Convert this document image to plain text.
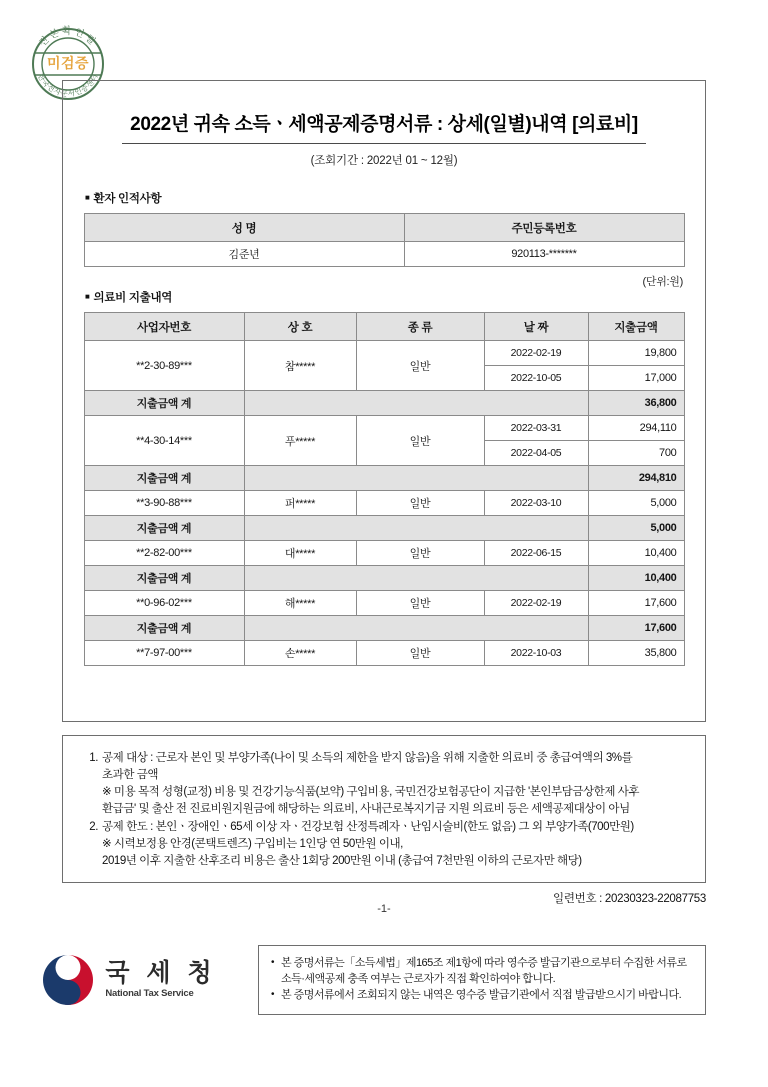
진본확인필
한국전자문서인증센터
미검증
2022년 귀속 소득ㆍ세액공제증명서류 : 상세(일별)내역 [의료비]
(조회기간 : 2022년 01 ~ 12월)
■ 환자 인적사항
성 명	주민등록번호
김준년	920113-*******
■ 의료비 지출내역
(단위:원)
사업자번호	상 호	종 류	날 짜	지출금액
**2-30-89***	참*****	일반	2022-02-19	19,800
			2022-10-05	17,000
지출금액 계				36,800
**4-30-14***	푸*****	일반	2022-03-31	294,110
			2022-04-05	700
지출금액 계				294,810
**3-90-88***	퍼*****	일반	2022-03-10	5,000
지출금액 계				5,000
**2-82-00***	대*****	일반	2022-06-15	10,400
지출금액 계				10,400
**0-96-02***	해*****	일반	2022-02-19	17,600
지출금액 계				17,600
**7-97-00***	손*****	일반	2022-10-03	35,800
1. 공제 대상 : 근로자 본인 및 부양가족(나이 및 소득의 제한을 받지 않음)을 위해 지출한 의료비 중 총급여액의 3%를
초과한 금액
※ 미용 목적 성형(교정) 비용 및 건강기능식품(보약) 구입비용, 국민건강보험공단이 지급한 '본인부담금상한제 사후
환급금' 및 출산 전 진료비원지원금에 해당하는 의료비, 사내근로복지기금 지원 의료비 등은 세액공제대상이 아님
2. 공제 한도 : 본인ㆍ장애인ㆍ65세 이상 자ㆍ건강보험 산정특례자ㆍ난임시술비(한도 없음) 그 외 부양가족(700만원)
※ 시력보정용 안경(콘택트렌즈) 구입비는 1인당 연 50만원 이내,
2019년 이후 지출한 산후조리 비용은 출산 1회당 200만원 이내 (총급여 7천만원 이하의 근로자만 해당)
일련번호 : 20230323-22087753
-1-
국 세 청
National Tax Service
• 본 증명서류는「소득세법」제165조 제1항에 따라 영수증 발급기관으로부터 수집한 서류로
소득·세액공제 충족 여부는 근로자가 직접 확인하여야 합니다.
• 본 증명서류에서 조회되지 않는 내역은 영수증 발급기관에서 직접 발급받으시기 바랍니다.
